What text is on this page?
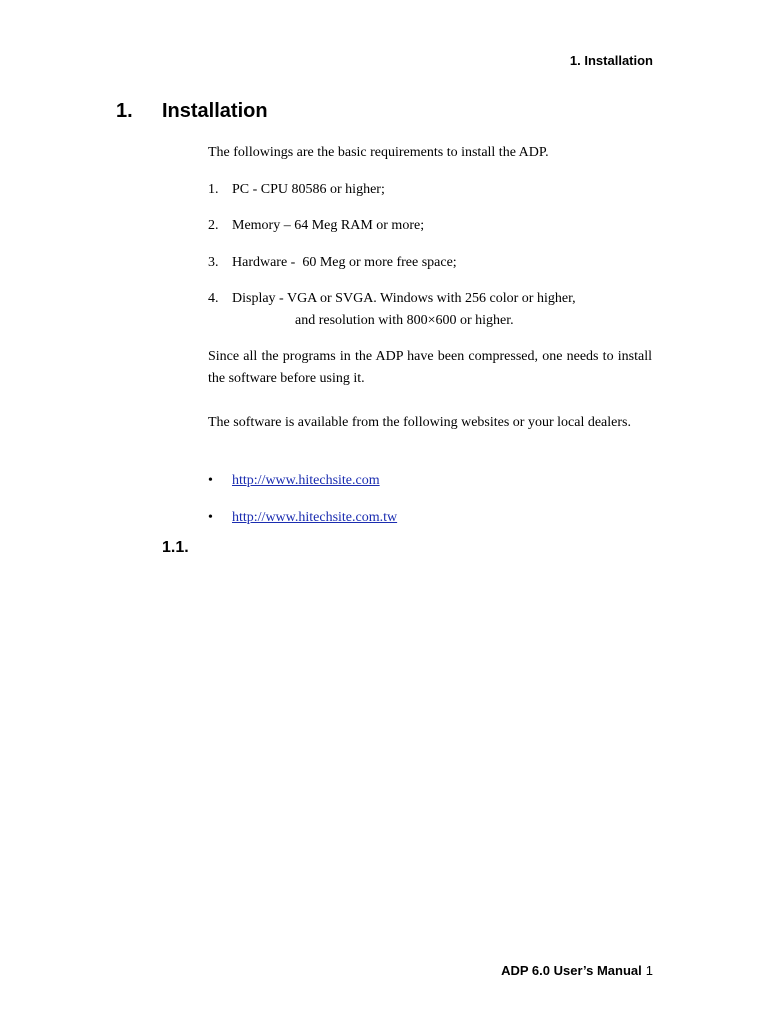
1. Installation
1.	Installation
The followings are the basic requirements to install the ADP.
1. PC - CPU 80586 or higher;
2. Memory – 64 Meg RAM or more;
3. Hardware -  60 Meg or more free space;
4. Display - VGA or SVGA. Windows with 256 color or higher,
and resolution with 800×600 or higher.
Since all the programs in the ADP have been compressed, one needs to install the software before using it.
The software is available from the following websites or your local dealers.
•	http://www.hitechsite.com
•	http://www.hitechsite.com.tw
1.1.
ADP 6.0 User’s Manual 1
